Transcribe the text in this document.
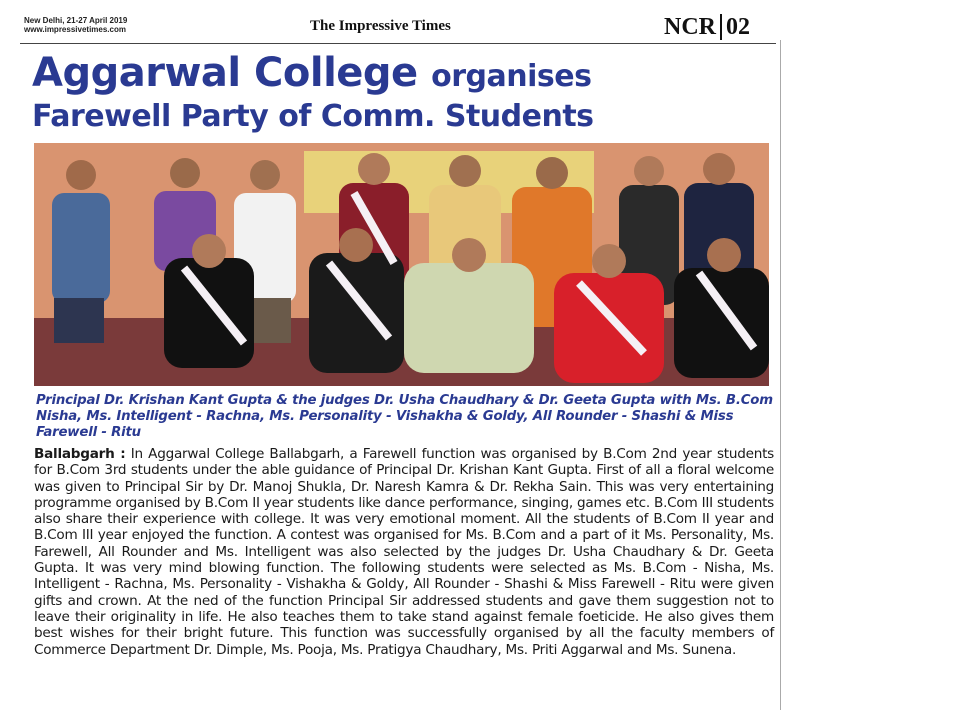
New Delhi, 21-27 April 2019
www.impressivetimes.com	The Impressive Times	NCR 02
Aggarwal College organises
Farewell Party of Comm. Students
Principal Dr. Krishan Kant Gupta & the judges Dr. Usha Chaudhary & Dr. Geeta Gupta with Ms. B.Com Nisha, Ms. Intelligent - Rachna, Ms. Personality - Vishakha & Goldy, All Rounder - Shashi & Miss Farewell - Ritu
Ballabgarh : In Aggarwal College Ballabgarh, a Farewell function was organised by B.Com 2nd year students for B.Com 3rd students under the able guidance of Principal Dr. Krishan Kant Gupta. First of all a floral welcome was given to Principal Sir by Dr. Manoj Shukla, Dr. Naresh Kamra & Dr. Rekha Sain. This was very entertaining programme organised by B.Com II year students like dance performance, singing, games etc. B.Com III students also share their experience with college. It was very emotional moment. All the students of B.Com II year and B.Com III year enjoyed the function. A contest was organised for Ms. B.Com and a part of it Ms. Personality, Ms. Farewell, All Rounder and Ms. Intelligent was also selected by the judges Dr. Usha Chaudhary & Dr. Geeta Gupta. It was very mind blowing function. The following students were selected as Ms. B.Com - Nisha, Ms. Intelligent - Rachna, Ms. Personality - Vishakha & Goldy, All Rounder - Shashi & Miss Farewell - Ritu were given gifts and crown. At the ned of the function Principal Sir addressed students and gave them suggestion not to leave their originality in life. He also teaches them to take stand against female foeticide. He also gives them best wishes for their bright future. This function was successfully organised by all the faculty members of Commerce Department Dr. Dimple, Ms. Pooja, Ms. Pratigya Chaudhary, Ms. Priti Aggarwal and Ms. Sunena.
